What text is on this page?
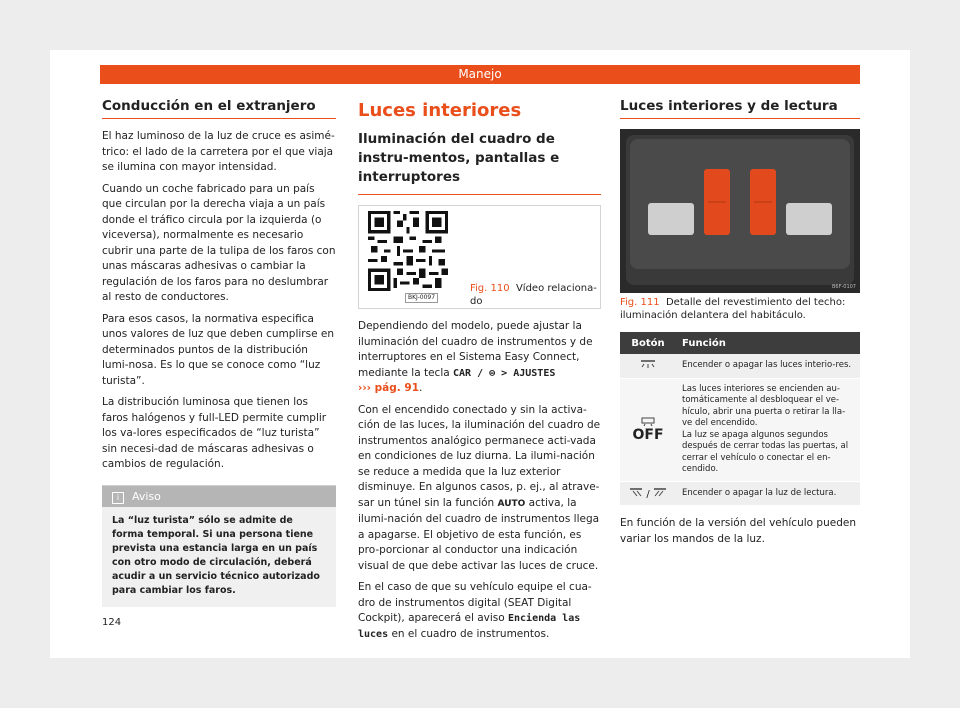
Manejo
Conducción en el extranjero

El haz luminoso de la luz de cruce es asimé-trico: el lado de la carretera por el que viaja se ilumina con mayor intensidad.

Cuando un coche fabricado para un país que circulan por la derecha viaja a un país donde el tráfico circula por la izquierda (o viceversa), normalmente es necesario cubrir una parte de la tulipa de los faros con unas máscaras adhesivas o cambiar la regulación de los faros para no deslumbrar al resto de conductores.

Para esos casos, la normativa especifica unos valores de luz que deben cumplirse en determinados puntos de la distribución lumi-nosa. Es lo que se conoce como “luz turista”.

La distribución luminosa que tienen los faros halógenos y full-LED permite cumplir los va-lores especificados de “luz turista” sin necesi-dad de máscaras adhesivas o cambios de regulación.

i Aviso
La “luz turista” sólo se admite de forma temporal. Si una persona tiene prevista una estancia larga en un país con otro modo de circulación, deberá acudir a un servicio técnico autorizado para cambiar los faros.
Luces interiores
Iluminación del cuadro de instru-mentos, pantallas e interruptores
BKJ-0097
Fig. 110 Vídeo relaciona-do

Dependiendo del modelo, puede ajustar la iluminación del cuadro de instrumentos y de interruptores en el Sistema Easy Connect, mediante la tecla CAR / ⊜ > AJUSTES
››› pág. 91.

Con el encendido conectado y sin la activa-ción de las luces, la iluminación del cuadro de instrumentos analógico permanece acti-vada en condiciones de luz diurna. La ilumi-nación se reduce a medida que la luz exterior disminuye. En algunos casos, p. ej., al atrave-sar un túnel sin la función AUTO activa, la ilumi-nación del cuadro de instrumentos llega a apagarse. El objetivo de esta función, es pro-porcionar al conductor una indicación visual de que debe activar las luces de cruce.

En el caso de que su vehículo equipe el cua-dro de instrumentos digital (SEAT Digital Cockpit), aparecerá el aviso Encienda las luces en el cuadro de instrumentos.

Luces interiores y de lectura
B6F-0107
Fig. 111 Detalle del revestimiento del techo: iluminación delantera del habitáculo.
Botón	Función
	Encender o apagar las luces interio-res.

OFF	Las luces interiores se encienden au-tomáticamente al desbloquear el ve-hículo, abrir una puerta o retirar la lla-ve del encendido.
La luz se apaga algunos segundos después de cerrar todas las puertas, al cerrar el vehículo o conectar el en-cendido.
/	Encender o apagar la luz de lectura.

En función de la versión del vehículo pueden variar los mandos de la luz.

124
